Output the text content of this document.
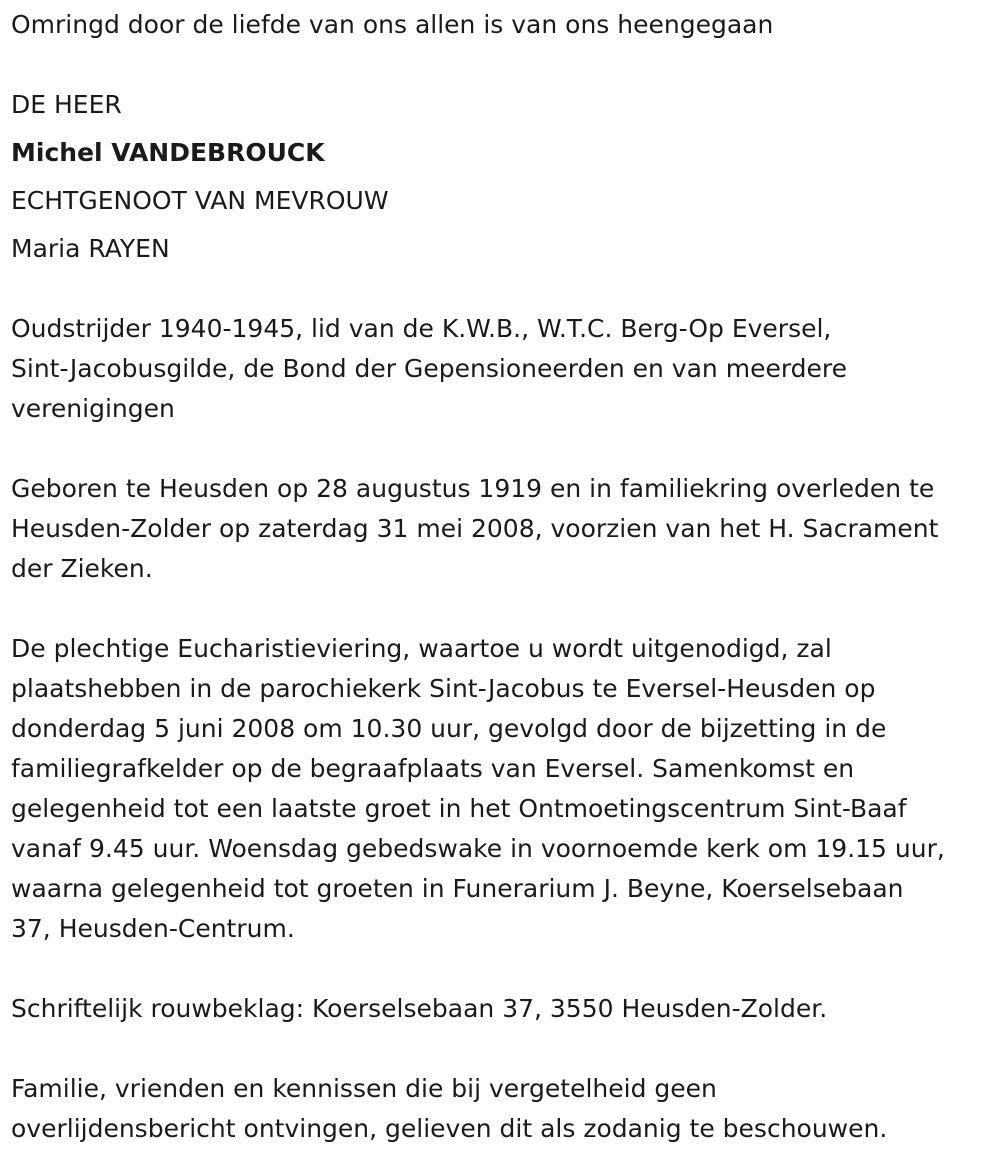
Omringd door de liefde van ons allen is van ons heengegaan
DE HEER
Michel VANDEBROUCK
ECHTGENOOT VAN MEVROUW
Maria RAYEN
Oudstrijder 1940-1945, lid van de K.W.B., W.T.C. Berg-Op Eversel,
Sint-Jacobusgilde, de Bond der Gepensioneerden en van meerdere
verenigingen
Geboren te Heusden op 28 augustus 1919 en in familiekring overleden te
Heusden-Zolder op zaterdag 31 mei 2008, voorzien van het H. Sacrament
der Zieken.
De plechtige Eucharistieviering, waartoe u wordt uitgenodigd, zal
plaatshebben in de parochiekerk Sint-Jacobus te Eversel-Heusden op
donderdag 5 juni 2008 om 10.30 uur, gevolgd door de bijzetting in de
familiegrafkelder op de begraafplaats van Eversel. Samenkomst en
gelegenheid tot een laatste groet in het Ontmoetingscentrum Sint-Baaf
vanaf 9.45 uur. Woensdag gebedswake in voornoemde kerk om 19.15 uur,
waarna gelegenheid tot groeten in Funerarium J. Beyne, Koerselsebaan
37, Heusden-Centrum.
Schriftelijk rouwbeklag: Koerselsebaan 37, 3550 Heusden-Zolder.
Familie, vrienden en kennissen die bij vergetelheid geen
overlijdensbericht ontvingen, gelieven dit als zodanig te beschouwen.
